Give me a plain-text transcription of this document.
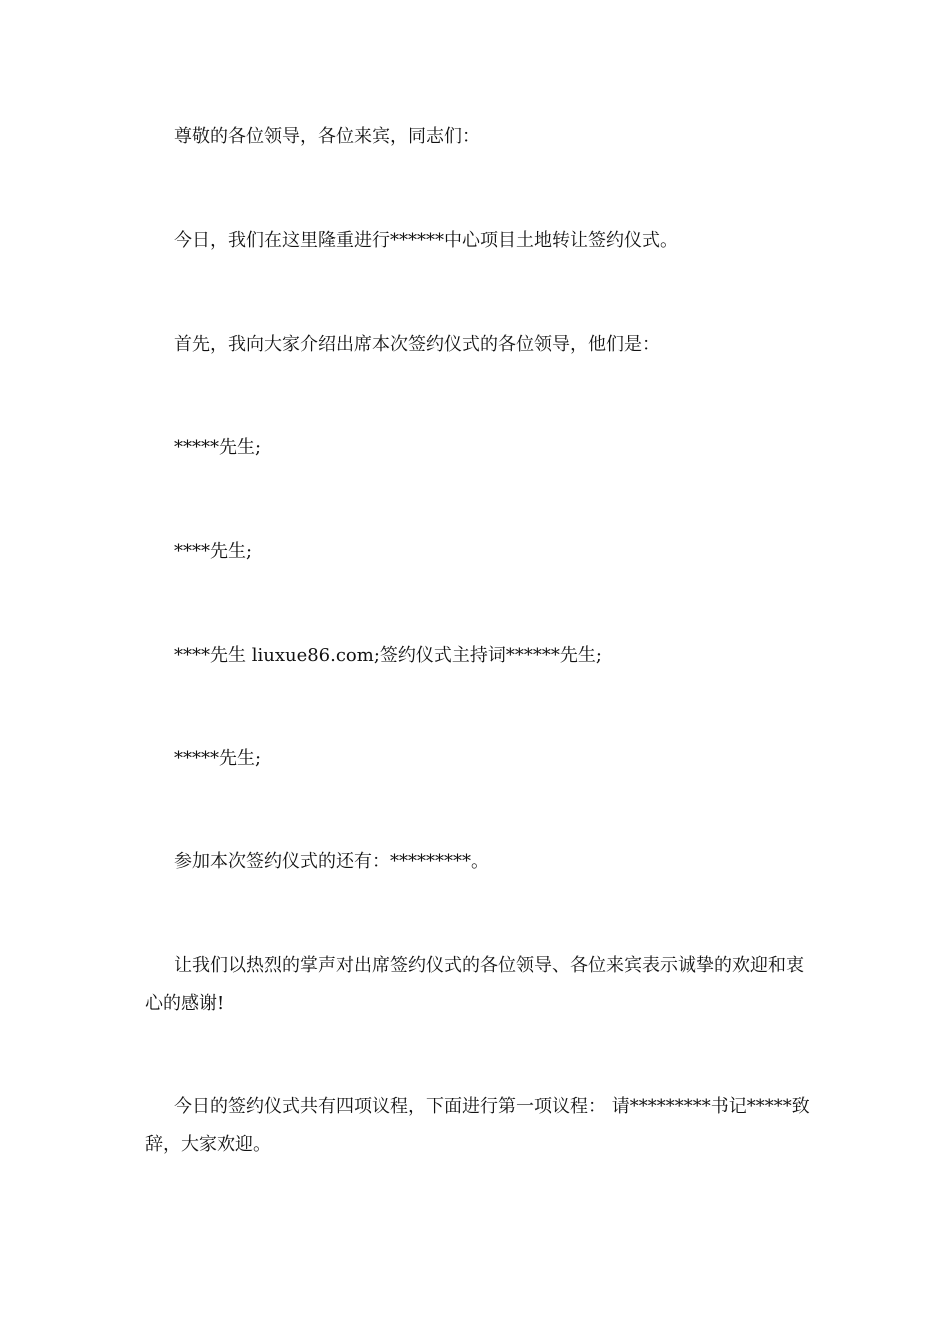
尊敬的各位领导，各位来宾，同志们：

今日，我们在这里隆重进行******中心项目土地转让签约仪式。

首先，我向大家介绍出席本次签约仪式的各位领导，他们是：

*****先生;

****先生;

****先生 liuxue86.com;签约仪式主持词******先生;

*****先生;

参加本次签约仪式的还有：*********。

让我们以热烈的掌声对出席签约仪式的各位领导、各位来宾表示诚挚的欢迎和衷心的感谢!

今日的签约仪式共有四项议程，下面进行第一项议程： 请*********书记*****致辞，大家欢迎。
